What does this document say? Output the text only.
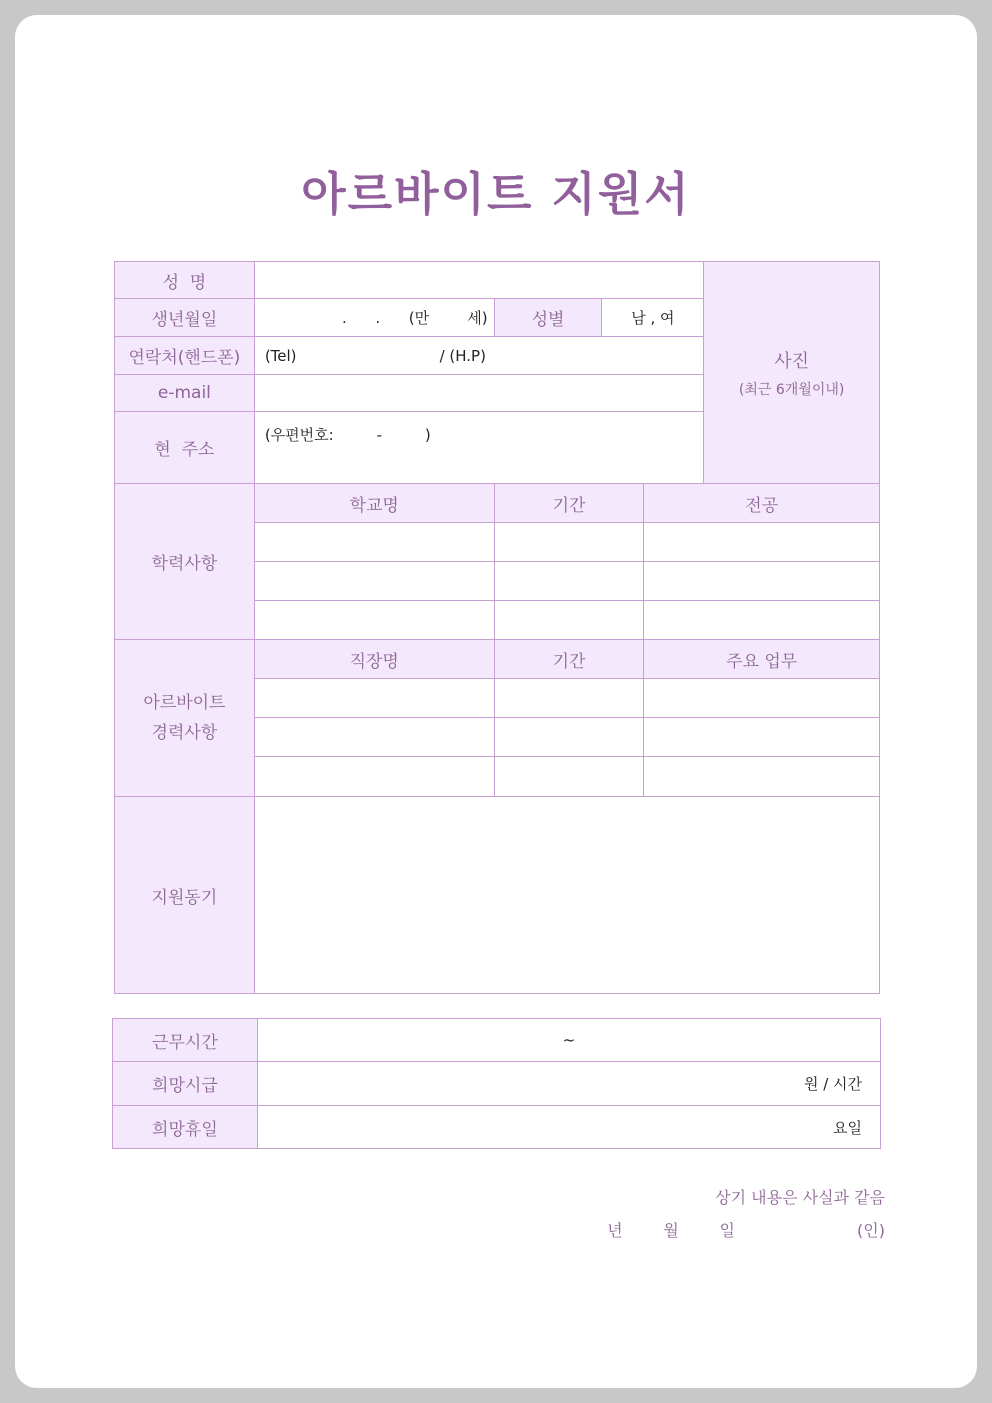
아르바이트 지원서
성  명					사진
(최근 6개월이내)

생년월일	.      .      (만        세)	성별	남 , 여		
연락처(핸드폰)	(Tel)                              / (H.P)				
e-mail					
현  주소	(우편번호:         -         )				
학력사항	학교명	기간		전공	

아르바이트
경력사항	직장명	기간		주요 업무	

지원동기					
근무시간	~
희망시급	원 / 시간
희망휴일	요일
상기 내용은 사실과 같음
년        월        일                        (인)
